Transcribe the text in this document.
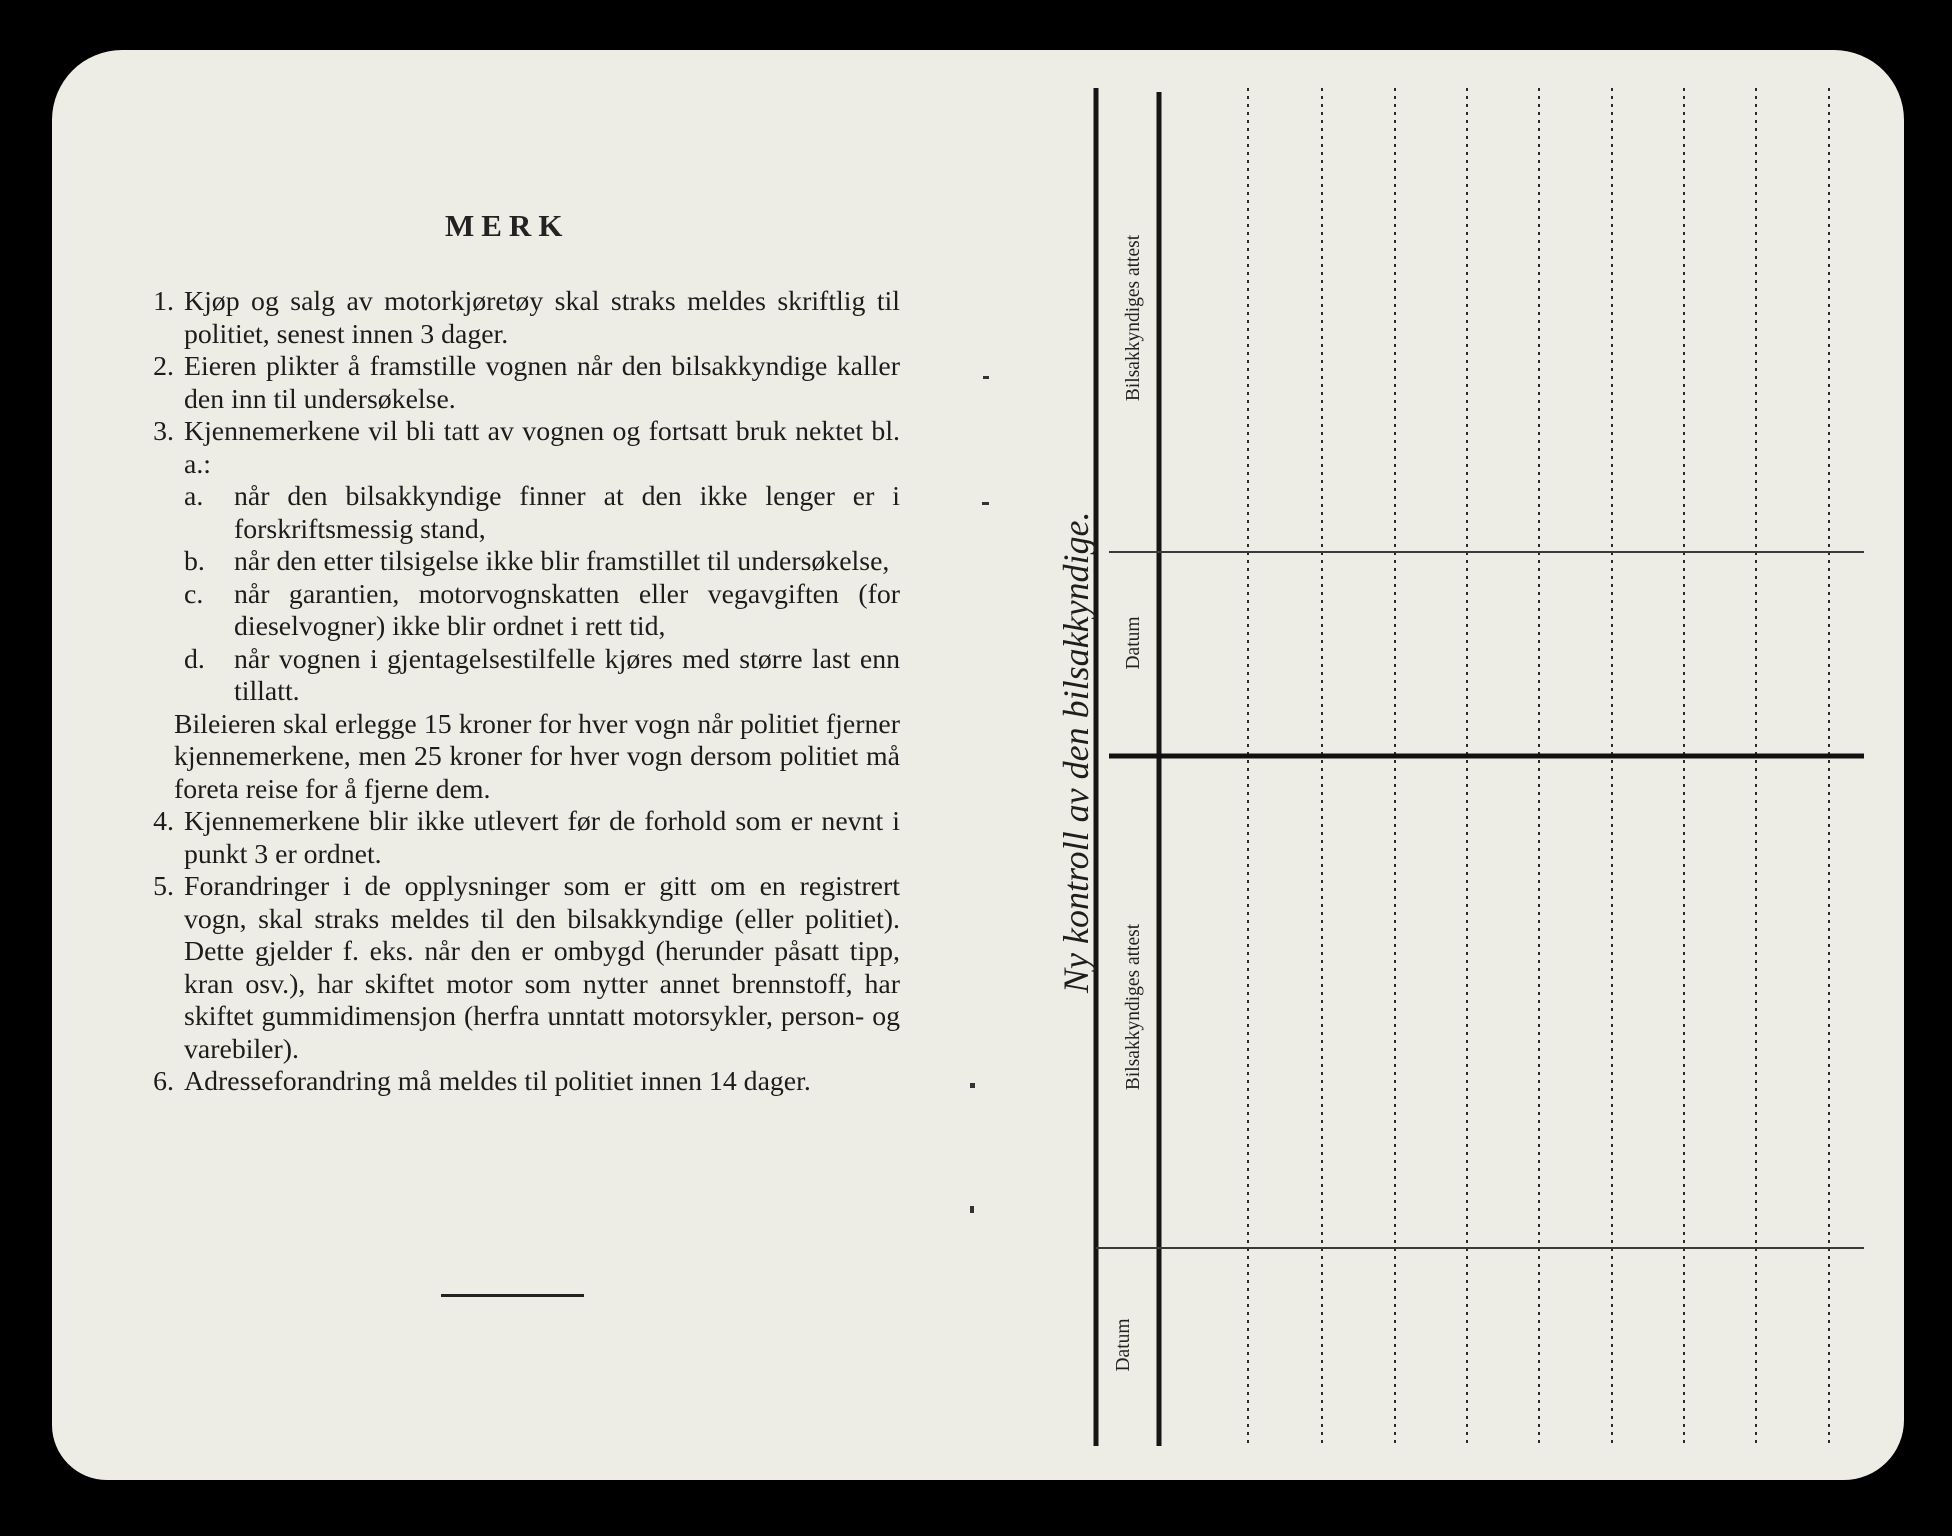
MERK
1. Kjøp og salg av motorkjøretøy skal straks meldes skriftlig til politiet, senest innen 3 dager.
2. Eieren plikter å framstille vognen når den bilsakkyndige kaller den inn til undersøkelse.
3. Kjennemerkene vil bli tatt av vognen og fortsatt bruk nektet bl. a.:
a.	når den bilsakkyndige finner at den ikke lenger er i forskriftsmessig stand,
b.	når den etter tilsigelse ikke blir framstillet til undersøkelse,
c.	når garantien, motorvognskatten eller vegavgiften (for dieselvogner) ikke blir ordnet i rett tid,
d.	når vognen i gjentagelsestilfelle kjøres med større last enn tillatt.
Bileieren skal erlegge 15 kroner for hver vogn når politiet fjerner kjennemerkene, men 25 kroner for hver vogn dersom politiet må foreta reise for å fjerne dem.
4. Kjennemerkene blir ikke utlevert før de forhold som er nevnt i punkt 3 er ordnet.
5. Forandringer i de opplysninger som er gitt om en registrert vogn, skal straks meldes til den bilsakkyndige (eller politiet). Dette gjelder f. eks. når den er ombygd (herunder påsatt tipp, kran osv.), har skiftet motor som nytter annet brennstoff, har skiftet gummidimensjon (herfra unntatt motorsykler, person- og varebiler).
6. Adresseforandring må meldes til politiet innen 14 dager.
Ny kontroll av den bilsakkyndige.
Bilsakkyndiges attest
Datum
Bilsakkyndiges attest
Datum
